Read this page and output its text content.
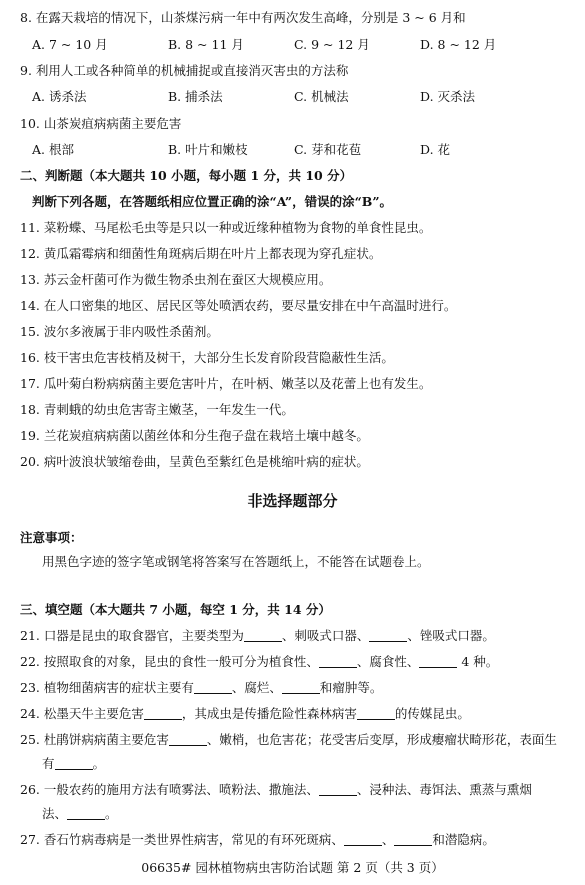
8. 在露天栽培的情况下，山茶煤污病一年中有两次发生高峰，分别是 3 ~ 6 月和
A. 7 ~ 10 月	B. 8 ~ 11 月	C. 9 ~ 12 月	D. 8 ~ 12 月
9. 利用人工或各种简单的机械捕捉或直接消灭害虫的方法称
A. 诱杀法	B. 捕杀法	C. 机械法	D. 灭杀法
10. 山茶炭疽病病菌主要危害
A. 根部	B. 叶片和嫩枝	C. 芽和花苞	D. 花
二、判断题（本大题共 10 小题，每小题 1 分，共 10 分）
判断下列各题，在答题纸相应位置正确的涂“A”，错误的涂“B”。
11. 菜粉蝶、马尾松毛虫等是只以一种或近缘种植物为食物的单食性昆虫。
12. 黄瓜霜霉病和细菌性角斑病后期在叶片上都表现为穿孔症状。
13. 苏云金杆菌可作为微生物杀虫剂在蚕区大规模应用。
14. 在人口密集的地区、居民区等处喷洒农药，要尽量安排在中午高温时进行。
15. 波尔多液属于非内吸性杀菌剂。
16. 枝干害虫危害枝梢及树干，大部分生长发育阶段营隐蔽性生活。
17. 瓜叶菊白粉病病菌主要危害叶片，在叶柄、嫩茎以及花蕾上也有发生。
18. 青刺蛾的幼虫危害寄主嫩茎，一年发生一代。
19. 兰花炭疽病病菌以菌丝体和分生孢子盘在栽培土壤中越冬。
20. 病叶波浪状皱缩卷曲，呈黄色至紫红色是桃缩叶病的症状。
非选择题部分
注意事项：
用黑色字迹的签字笔或钢笔将答案写在答题纸上，不能答在试题卷上。
三、填空题（本大题共 7 小题，每空 1 分，共 14 分）
21. 口器是昆虫的取食器官，主要类型为	、刺吸式口器、	、锉吸式口器。
22. 按照取食的对象，昆虫的食性一般可分为植食性、	、腐食性、	4 种。
23. 植物细菌病害的症状主要有	、腐烂、	和瘤肿等。
24. 松墨天牛主要危害	，其成虫是传播危险性森林病害	的传媒昆虫。
25. 杜鹃饼病病菌主要危害	、嫩梢，也危害花；花受害后变厚，形成瘿瘤状畸形花，表面生
有	。
26. 一般农药的施用方法有喷雾法、喷粉法、撒施法、	、浸种法、毒饵法、熏蒸与熏烟
法、	。
27. 香石竹病毒病是一类世界性病害，常见的有环死斑病、	、	和潜隐病。
06635# 园林植物病虫害防治试题 第 2 页（共 3 页）
